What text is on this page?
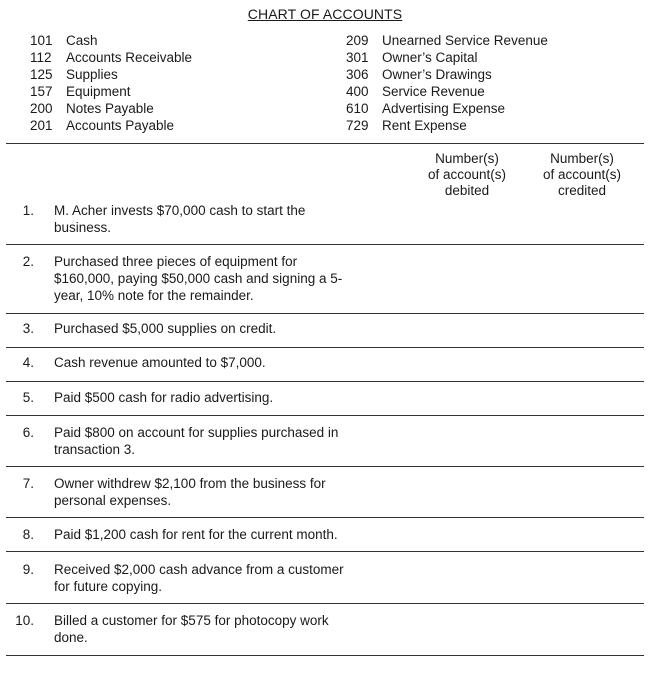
CHART OF ACCOUNTS
101 Cash
112 Accounts Receivable
125 Supplies
157 Equipment
200 Notes Payable
201 Accounts Payable
209 Unearned Service Revenue
301 Owner’s Capital
306 Owner’s Drawings
400 Service Revenue
610 Advertising Expense
729 Rent Expense
Number(s)
of account(s)
debited
Number(s)
of account(s)
credited
1. M. Acher invests $70,000 cash to start the
business.
2. Purchased three pieces of equipment for
$160,000, paying $50,000 cash and signing a 5-
year, 10% note for the remainder.
3. Purchased $5,000 supplies on credit.
4. Cash revenue amounted to $7,000.
5. Paid $500 cash for radio advertising.
6. Paid $800 on account for supplies purchased in
transaction 3.
7. Owner withdrew $2,100 from the business for
personal expenses.
8. Paid $1,200 cash for rent for the current month.
9. Received $2,000 cash advance from a customer
for future copying.
10. Billed a customer for $575 for photocopy work
done.
